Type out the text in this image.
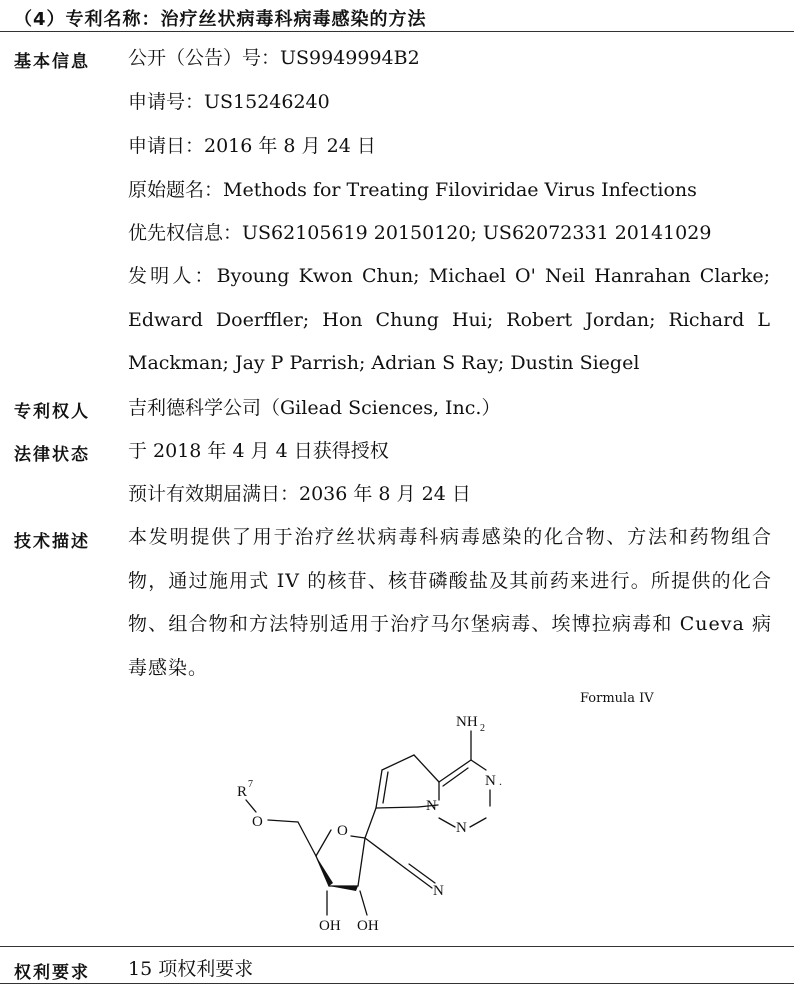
（4）专利名称：治疗丝状病毒科病毒感染的方法
基本信息 公开（公告）号：US9949994B2
申请号：US15246240
申请日：2016 年 8 月 24 日
原始题名：Methods for Treating Filoviridae Virus Infections
优先权信息：US62105619 20150120; US62072331 20141029
发明人：Byoung Kwon Chun; Michael O' Neil Hanrahan Clarke; Edward Doerffler; Hon Chung Hui; Robert Jordan; Richard L Mackman; Jay P Parrish; Adrian S Ray; Dustin Siegel
专利权人 吉利德科学公司（Gilead Sciences, Inc.）
法律状态 于 2018 年 4 月 4 日获得授权
预计有效期届满日：2036 年 8 月 24 日
技术描述 本发明提供了用于治疗丝状病毒科病毒感染的化合物、方法和药物组合物，通过施用式 IV 的核苷、核苷磷酸盐及其前药来进行。所提供的化合物、组合物和方法特别适用于治疗马尔堡病毒、埃博拉病毒和 Cueva 病毒感染。
Formula IV
NH 2
N .
N
N
N
O
O
R 7
OH OH
权利要求 15 项权利要求
